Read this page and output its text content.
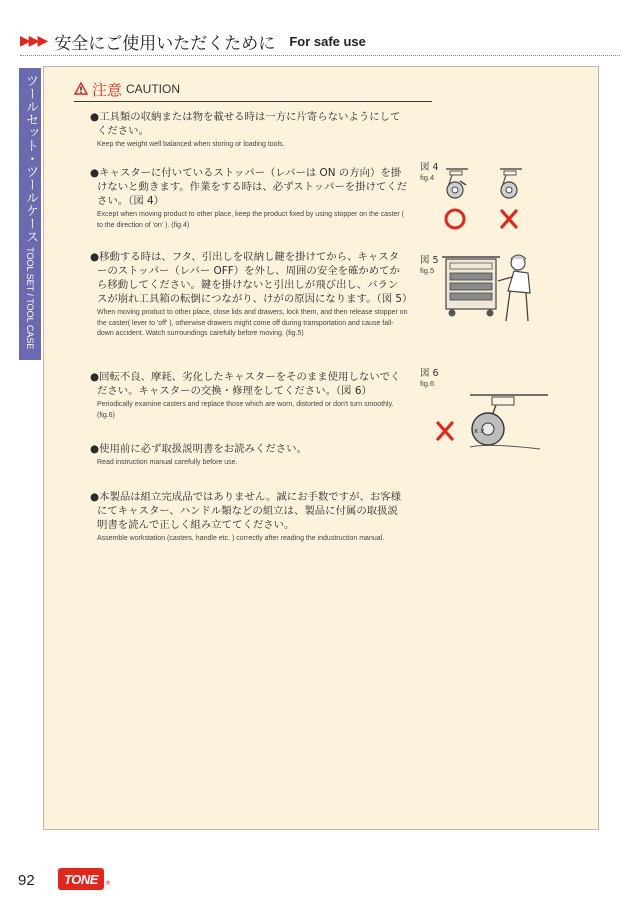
▶▶▶ 安全にご使用いただくために For safe use
ツールセット・ツールケース TOOL SET / TOOL CASE
注意 CAUTION
●工具類の収納または物を載せる時は一方に片寄らないようにしてください。
Keep the weight well balanced when storing or loading tools.
●キャスターに付いているストッパー（レバーは ON の方向）を掛けないと動きます。作業をする時は、必ずストッパーを掛けてください。（図 4）
Except when moving product to other place, keep the product fixed by using stopper on the caster ( to the direction of 'on' ). (fig.4)
●移動する時は、フタ、引出しを収納し鍵を掛けてから、キャスターのストッパー（レバー OFF）を外し、周囲の安全を確かめてから移動してください。鍵を掛けないと引出しが飛び出し、バランスが崩れ工具箱の転倒につながり、けがの原因になります。（図 5）
When moving product to other place, close lids and drawers, lock them, and then release stopper on the caster( lever to 'off' ), otherwise drawers might come off during transportation and cause fall-down accident. Watch surroundings carefully before moving. (fig.5)
●回転不良、摩耗、劣化したキャスターをそのまま使用しないでください。キャスターの交換・修理をしてください。（図 6）
Periodically examine casters and replace those which are worn, distorted or don't turn smoothly. (fig.6)
●使用前に必ず取扱説明書をお読みください。
Read instruction manual carefully before use.
●本製品は組立完成品ではありません。誠にお手数ですが、お客様にてキャスター、ハンドル類などの組立は、製品に付属の取扱説明書を読んで正しく組み立ててください。
Assemble workstation (casters, handle etc. ) correctly after reading the industruction manual.
図 4
fig.4
図 5
fig.5
図 6
fig.6
x x
92	TONE	®
